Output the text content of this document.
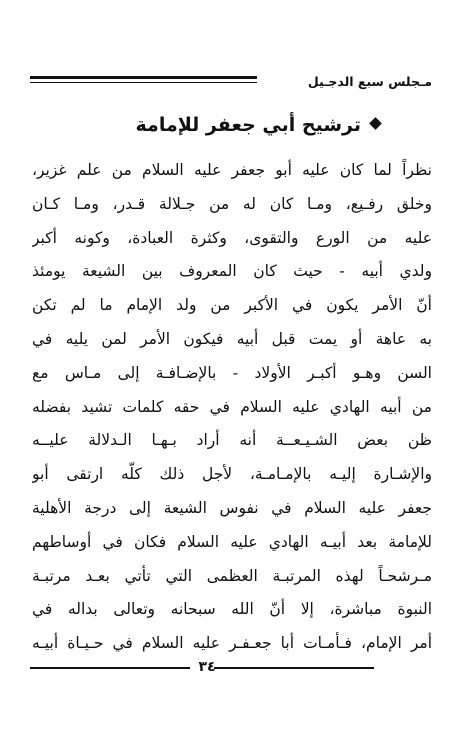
مـجلس سبع الدجـيل
ترشيح أبي جعفر للإمامة
نظراً لما كان عليه أبو جعفر عليه السلام من علم غزير،
وخلق رفـيع، ومـا كان له من جـلالة قـدر، ومـا كـان
عليه من الورع والتقوى، وكثرة العبادة، وكونه أكبر
ولدي أبيه - حيث كان المعروف بين الشيعة يومئذ
أنّ الأمر يكون في الأكبر من ولد الإمام ما لم تكن
به عاهة أو يمت قبل أبيه فيكون الأمر لمن يليه في
السن وهـو أكبـر الأولاد - بالإضـافـة إلى مـاس مع
من أبيه الهادي عليه السلام في حقه كلمات تشيد بفضله
ظن بعض الشـيـعــة أنه أراد بـهـا الـدلالة عليــه
والإشـارة إليـه بالإمـامـة، لأجل ذلك كلّه ارتقى أبو
جعفر عليه السلام في نفوس الشيعة إلى درجة الأهلية
للإمامة بعد أبيـه الهادي عليه السلام فكان في أوساطهم
مـرشحـاً لهذه المرتبـة العظمى التي تأتي بعـد مرتبـة
النبوة مباشرة، إلا أنّ الله سبحانه وتعالى بداله في
أمر الإمام، فـأمـات أبا جعـفـر عليه السلام في حـيـاة أبيـه
٣٤
